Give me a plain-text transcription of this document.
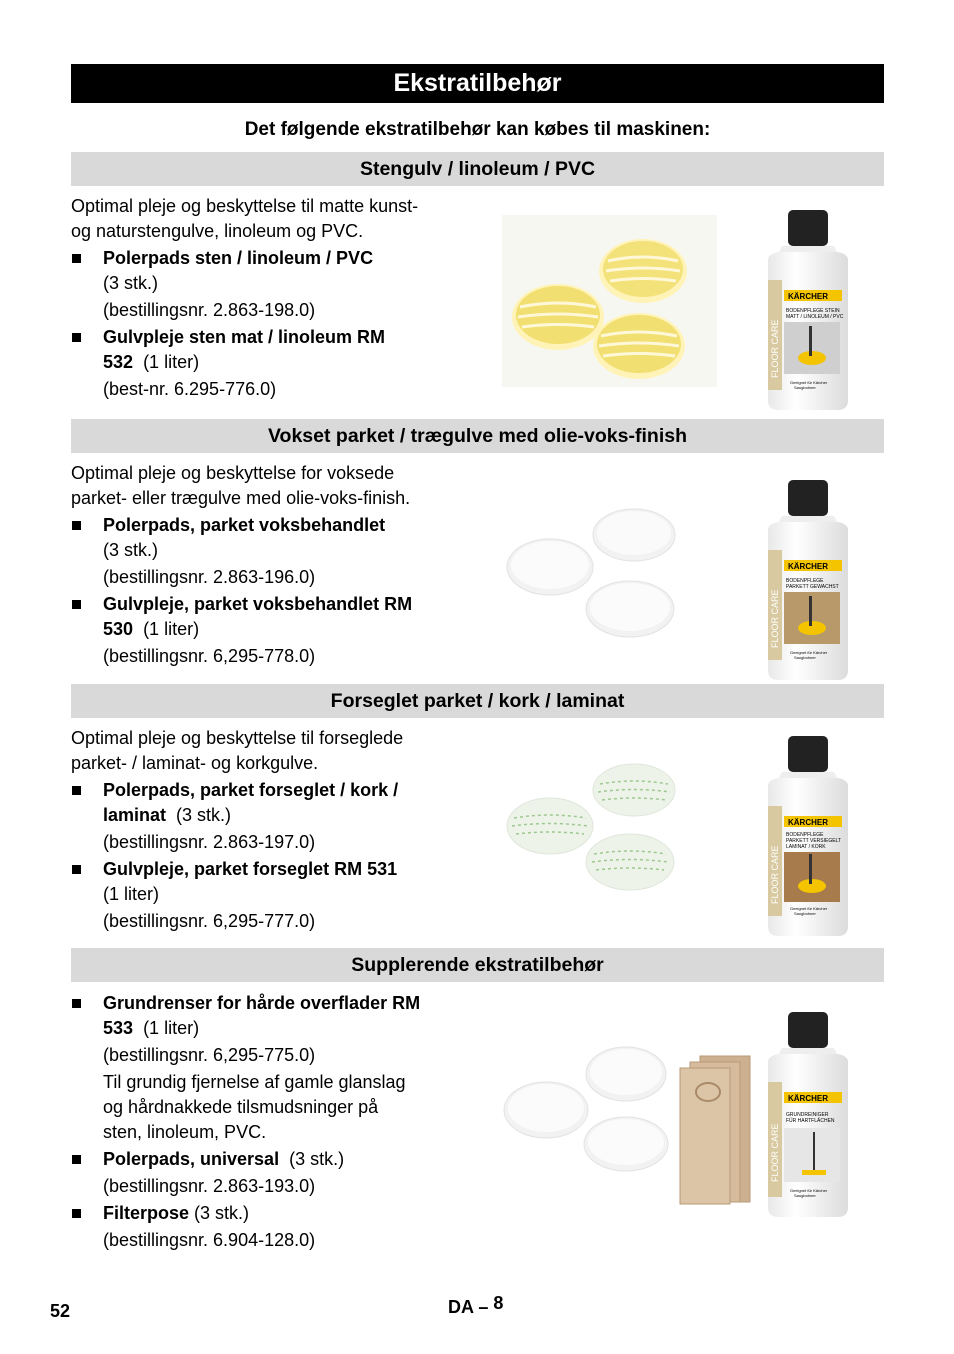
Ekstratilbehør
Det følgende ekstratilbehør kan købes til maskinen:
Stengulv / linoleum / PVC

Optimal pleje og beskyttelse til matte kunst-

og naturstengulve, linoleum og PVC.

Polerpads sten / linoleum / PVC
(3 stk.)
(bestillingsnr. 2.863-198.0)
Gulvpleje sten mat / linoleum RM
532 (1 liter)
(best-nr. 6.295-776.0)
FLOOR CARE
KÄRCHER
BODENPFLEGE STEIN
MATT / LINOLEUM / PVC
Geeignet für Kärcher
Saugbohner
Vokset parket / trægulve med olie-voks-finish

Optimal pleje og beskyttelse for voksede

parket- eller trægulve med olie-voks-finish.

Polerpads, parket voksbehandlet
(3 stk.)
(bestillingsnr. 2.863-196.0)
Gulvpleje, parket voksbehandlet RM
530 (1 liter)
(bestillingsnr. 6,295-778.0)
FLOOR CARE
KÄRCHER
BODENPFLEGE
PARKETT GEWACHST
Geeignet für Kärcher
Saugbohner
Forseglet parket / kork / laminat

Optimal pleje og beskyttelse til forseglede

parket- / laminat- og korkgulve.

Polerpads, parket forseglet / kork /
laminat (3 stk.)
(bestillingsnr. 2.863-197.0)
Gulvpleje, parket forseglet RM 531
(1 liter)
(bestillingsnr. 6,295-777.0)
FLOOR CARE
KÄRCHER
BODENPFLEGE
PARKETT VERSIEGELT
LAMINAT / KORK
Geeignet für Kärcher
Saugbohner
Supplerende ekstratilbehør
Grundrenser for hårde overflader RM
533 (1 liter)
(bestillingsnr. 6,295-775.0)
Til grundig fjernelse af gamle glanslag
og hårdnakkede tilsmudsninger på
sten, linoleum, PVC.
Polerpads, universal (3 stk.)
(bestillingsnr. 2.863-193.0)
Filterpose (3 stk.)
(bestillingsnr. 6.904-128.0)
FLOOR CARE
KÄRCHER
GRUNDREINIGER
FÜR HARTFLÄCHEN
Geeignet für Kärcher
Saugbohner
52	DA – 8
